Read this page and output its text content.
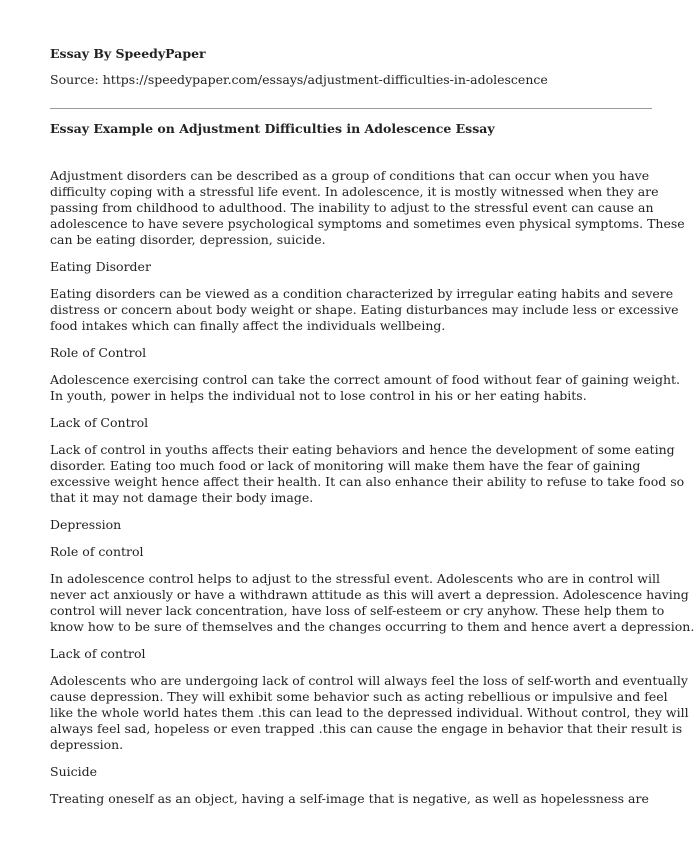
Essay By SpeedyPaper
Source: https://speedypaper.com/essays/adjustment-difficulties-in-adolescence
Essay Example on Adjustment Difficulties in Adolescence Essay
Adjustment disorders can be described as a group of conditions that can occur when you have
difficulty coping with a stressful life event. In adolescence, it is mostly witnessed when they are
passing from childhood to adulthood. The inability to adjust to the stressful event can cause an
adolescence to have severe psychological symptoms and sometimes even physical symptoms. These
can be eating disorder, depression, suicide.
Eating Disorder
Eating disorders can be viewed as a condition characterized by irregular eating habits and severe
distress or concern about body weight or shape. Eating disturbances may include less or excessive
food intakes which can finally affect the individuals wellbeing.
Role of Control
Adolescence exercising control can take the correct amount of food without fear of gaining weight.
In youth, power in helps the individual not to lose control in his or her eating habits.
Lack of Control
Lack of control in youths affects their eating behaviors and hence the development of some eating
disorder. Eating too much food or lack of monitoring will make them have the fear of gaining
excessive weight hence affect their health. It can also enhance their ability to refuse to take food so
that it may not damage their body image.
Depression
Role of control
In adolescence control helps to adjust to the stressful event. Adolescents who are in control will
never act anxiously or have a withdrawn attitude as this will avert a depression. Adolescence having
control will never lack concentration, have loss of self-esteem or cry anyhow. These help them to
know how to be sure of themselves and the changes occurring to them and hence avert a depression.
Lack of control
Adolescents who are undergoing lack of control will always feel the loss of self-worth and eventually
cause depression. They will exhibit some behavior such as acting rebellious or impulsive and feel
like the whole world hates them .this can lead to the depressed individual. Without control, they will
always feel sad, hopeless or even trapped .this can cause the engage in behavior that their result is
depression.
Suicide
Treating oneself as an object, having a self-image that is negative, as well as hopelessness are
